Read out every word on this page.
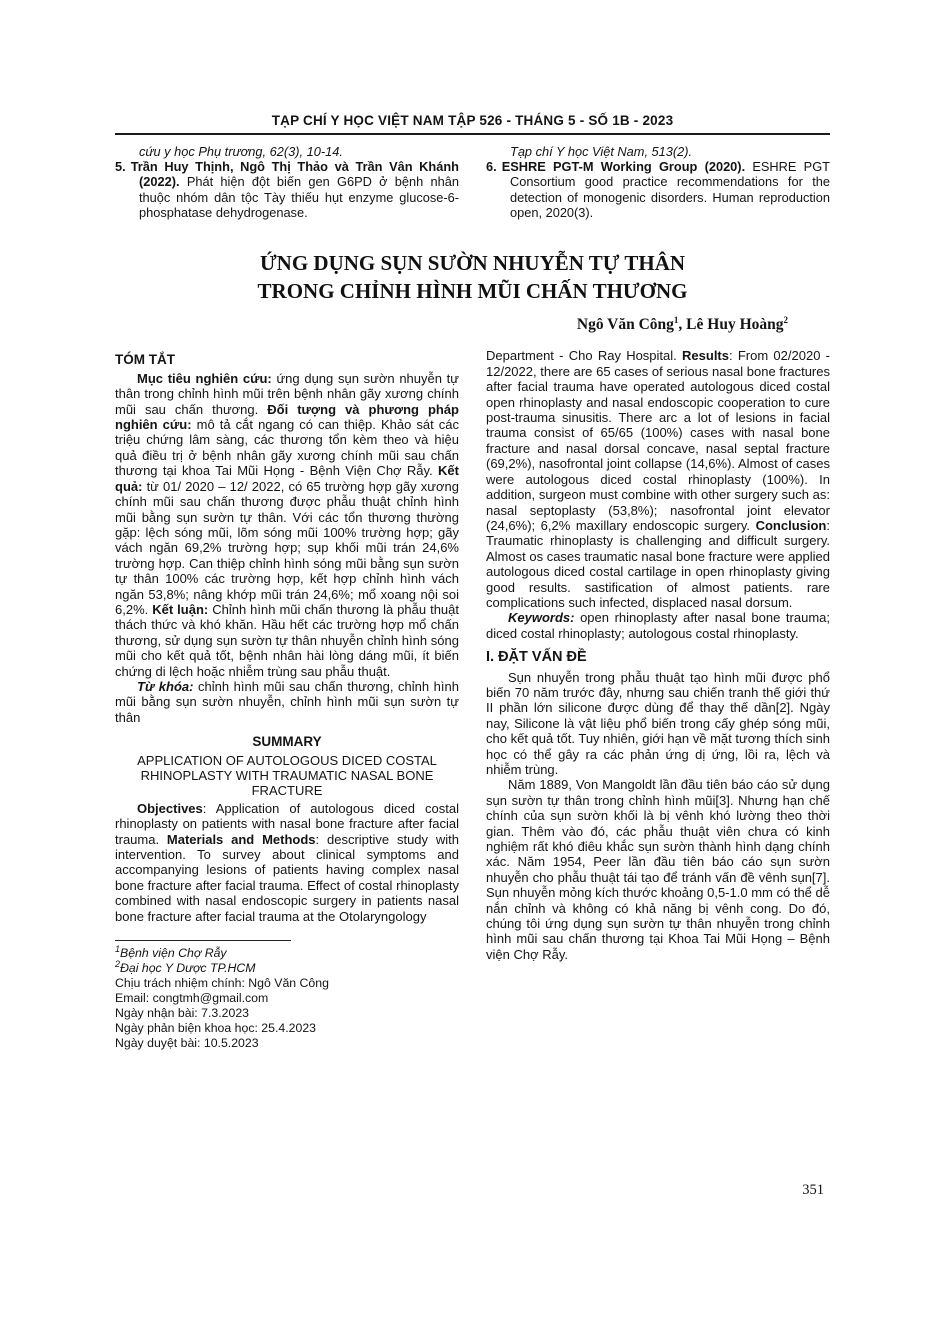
TẠP CHÍ Y HỌC VIỆT NAM TẬP 526 - THÁNG 5 - SỐ 1B - 2023

cứu y học Phụ trương, 62(3), 10-14.

5. Trần Huy Thịnh, Ngô Thị Thảo và Trần Vân Khánh (2022). Phát hiện đột biến gen G6PD ở bệnh nhân thuộc nhóm dân tộc Tày thiếu hụt enzyme glucose-6-phosphatase dehydrogenase.

Tạp chí Y học Việt Nam, 513(2).

6. ESHRE PGT-M Working Group (2020). ESHRE PGT Consortium good practice recommendations for the detection of monogenic disorders. Human reproduction open, 2020(3).

ỨNG DỤNG SỤN SƯỜN NHUYỄN TỰ THÂN

TRONG CHỈNH HÌNH MŨI CHẤN THƯƠNG

Ngô Văn Công$^1$, Lê Huy Hoàng$^2$
TÓM TẮT

Mục tiêu nghiên cứu: ứng dụng sụn sườn nhuyễn tự thân trong chỉnh hình mũi trên bệnh nhân gãy xương chính mũi sau chấn thương. Đối tượng và phương pháp nghiên cứu: mô tả cắt ngang có can thiệp. Khảo sát các triệu chứng lâm sàng, các thương tổn kèm theo và hiệu quả điều trị ở bệnh nhân gãy xương chính mũi sau chấn thương tại khoa Tai Mũi Họng - Bệnh Viện Chợ Rẫy. Kết quả: từ 01/ 2020 – 12/ 2022, có 65 trường hợp gãy xương chính mũi sau chấn thương được phẫu thuật chỉnh hình mũi bằng sụn sườn tự thân. Với các tổn thương thường gặp: lệch sóng mũi, lõm sóng mũi 100% trường hợp; gãy vách ngăn 69,2% trường hợp; sụp khối mũi trán 24,6% trường hợp. Can thiệp chỉnh hình sóng mũi bằng sụn sườn tự thân 100% các trường hợp, kết hợp chỉnh hình vách ngăn 53,8%; nâng khớp mũi trán 24,6%; mổ xoang nội soi 6,2%. Kết luận: Chỉnh hình mũi chấn thương là phẫu thuật thách thức và khó khăn. Hầu hết các trường hợp mổ chấn thương, sử dụng sụn sườn tự thân nhuyễn chỉnh hình sóng mũi cho kết quả tốt, bệnh nhân hài lòng dáng mũi, ít biến chứng di lệch hoặc nhiễm trùng sau phẫu thuật.

Từ khóa: chỉnh hình mũi sau chấn thương, chỉnh hình mũi bằng sụn sườn nhuyễn, chỉnh hình mũi sụn sườn tự thân

SUMMARY

APPLICATION OF AUTOLOGOUS DICED COSTAL RHINOPLASTY WITH TRAUMATIC NASAL BONE FRACTURE

Objectives: Application of autologous diced costal rhinoplasty on patients with nasal bone fracture after facial trauma. Materials and Methods: descriptive study with intervention. To survey about clinical symptoms and accompanying lesions of patients having complex nasal bone fracture after facial trauma. Effect of costal rhinoplasty combined with nasal endoscopic surgery in patients nasal bone fracture after facial trauma at the Otolaryngology

$^1$Bệnh viện Chợ Rẫy

$^2$Đại học Y Dược TP.HCM

Chịu trách nhiệm chính: Ngô Văn Công

Email: congtmh@gmail.com

Ngày nhận bài: 7.3.2023

Ngày phản biện khoa học: 25.4.2023

Ngày duyệt bài: 10.5.2023

Department - Cho Ray Hospital. Results: From 02/2020 - 12/2022, there are 65 cases of serious nasal bone fractures after facial trauma have operated autologous diced costal open rhinoplasty and nasal endoscopic cooperation to cure post-trauma sinusitis. There arc a lot of lesions in facial trauma consist of 65/65 (100%) cases with nasal bone fracture and nasal dorsal concave, nasal septal fracture (69,2%), nasofrontal joint collapse (14,6%). Almost of cases were autologous diced costal rhinoplasty (100%). In addition, surgeon must combine with other surgery such as: nasal septoplasty (53,8%); nasofrontal joint elevator (24,6%); 6,2% maxillary endoscopic surgery. Conclusion: Traumatic rhinoplasty is challenging and difficult surgery. Almost os cases traumatic nasal bone fracture were applied autologous diced costal cartilage in open rhinoplasty giving good results. sastification of almost patients. rare complications such infected, displaced nasal dorsum.

Keywords: open rhinoplasty after nasal bone trauma; diced costal rhinoplasty; autologous costal rhinoplasty.

I. ĐẶT VẤN ĐỀ

Sụn nhuyễn trong phẫu thuật tạo hình mũi được phổ biến 70 năm trước đây, nhưng sau chiến tranh thế giới thứ II phần lớn silicone được dùng để thay thế dần[2]. Ngày nay, Silicone là vật liệu phổ biến trong cấy ghép sóng mũi, cho kết quả tốt. Tuy nhiên, giới hạn về mặt tương thích sinh học có thể gây ra các phản ứng dị ứng, lồi ra, lệch và nhiễm trùng.

Năm 1889, Von Mangoldt lần đầu tiên báo cáo sử dụng sụn sườn tự thân trong chỉnh hình mũi[3]. Nhưng hạn chế chính của sụn sườn khối là bị vênh khó lường theo thời gian. Thêm vào đó, các phẫu thuật viên chưa có kinh nghiệm rất khó điêu khắc sụn sườn thành hình dạng chính xác. Năm 1954, Peer lần đầu tiên báo cáo sụn sườn nhuyễn cho phẫu thuật tái tạo để tránh vấn đề vênh sụn[7]. Sụn nhuyễn mỏng kích thước khoảng 0,5-1.0 mm có thể dễ nắn chỉnh và không có khả năng bị vênh cong. Do đó, chúng tôi ứng dụng sụn sườn tự thân nhuyễn trong chỉnh hình mũi sau chấn thương tại Khoa Tai Mũi Họng – Bệnh viện Chợ Rẫy.

351
